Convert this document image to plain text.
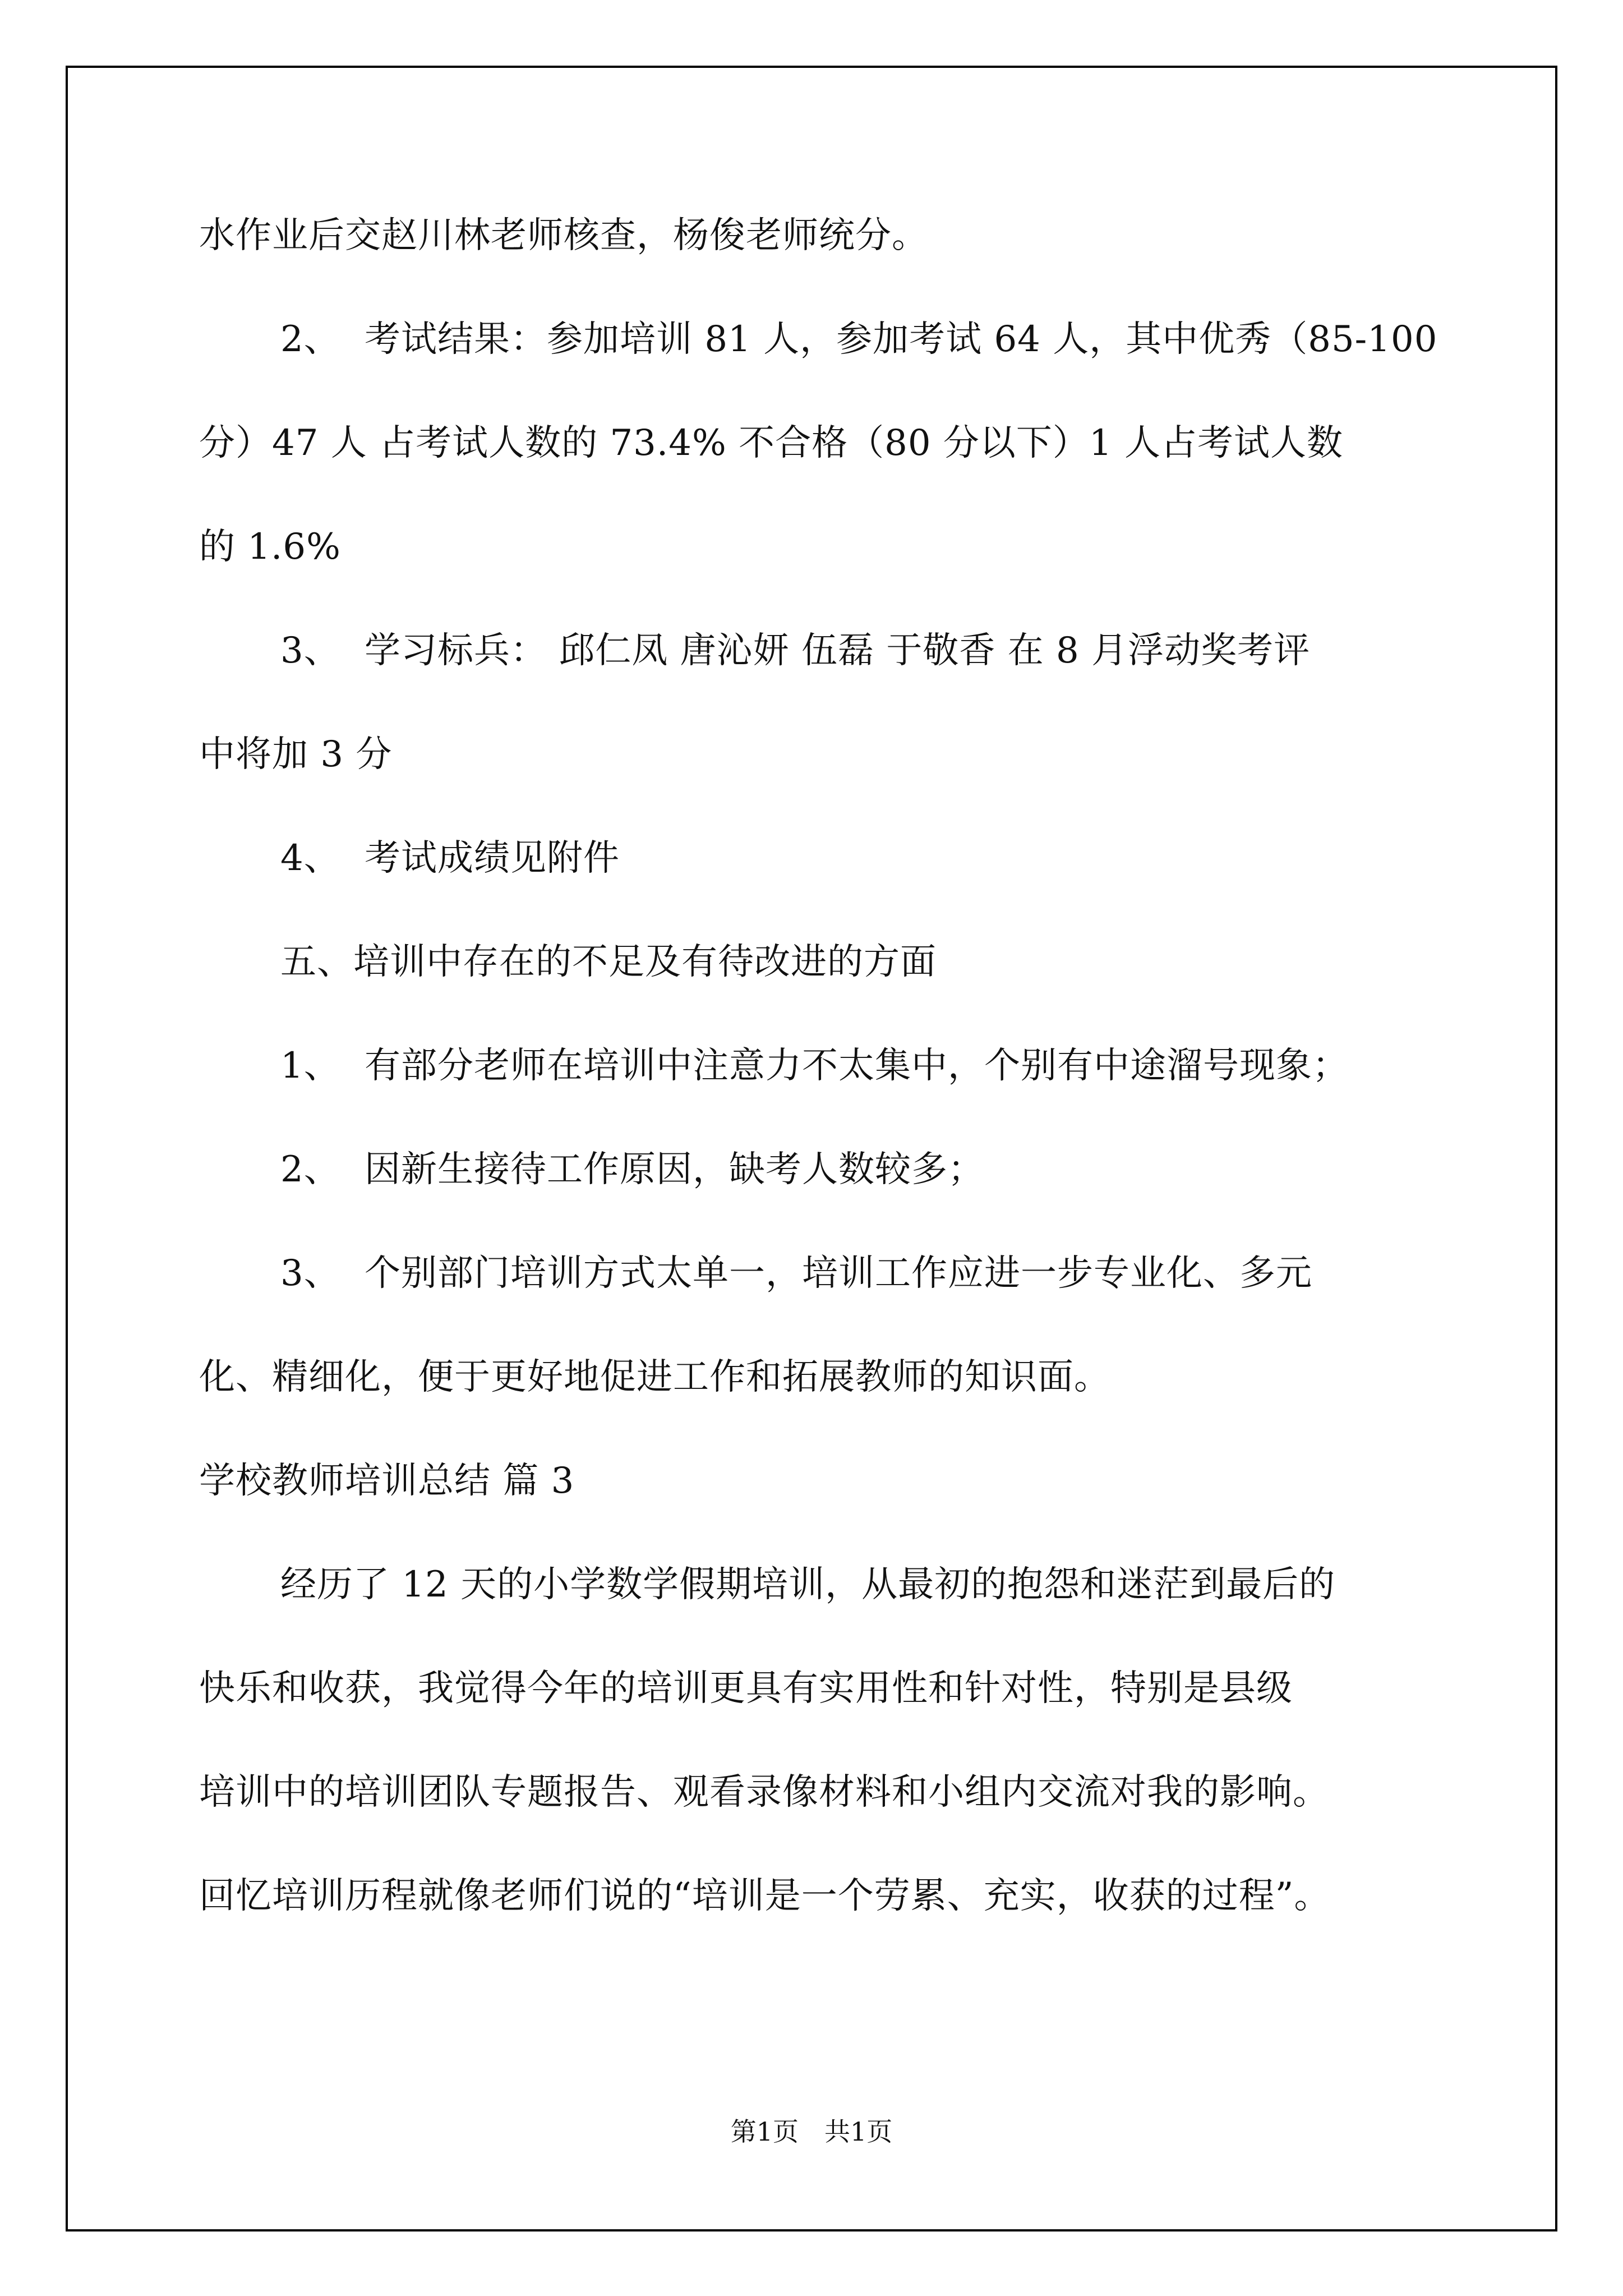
水作业后交赵川林老师核查，杨俊老师统分。
2、 考试结果：参加培训 81 人，参加考试 64 人，其中优秀（85-100
分）47 人 占考试人数的 73.4% 不合格（80 分以下）1 人占考试人数
的 1.6%
3、 学习标兵： 邱仁凤 唐沁妍 伍磊 于敬香 在 8 月浮动奖考评
中将加 3 分
4、 考试成绩见附件
五、培训中存在的不足及有待改进的方面
1、 有部分老师在培训中注意力不太集中，个别有中途溜号现象；
2、 因新生接待工作原因，缺考人数较多；
3、 个别部门培训方式太单一，培训工作应进一步专业化、多元
化、精细化，便于更好地促进工作和拓展教师的知识面。
学校教师培训总结 篇 3
经历了 12 天的小学数学假期培训，从最初的抱怨和迷茫到最后的
快乐和收获，我觉得今年的培训更具有实用性和针对性，特别是县级
培训中的培训团队专题报告、观看录像材料和小组内交流对我的影响。
回忆培训历程就像老师们说的“培训是一个劳累、充实，收获的过程”。
第1页　共1页
